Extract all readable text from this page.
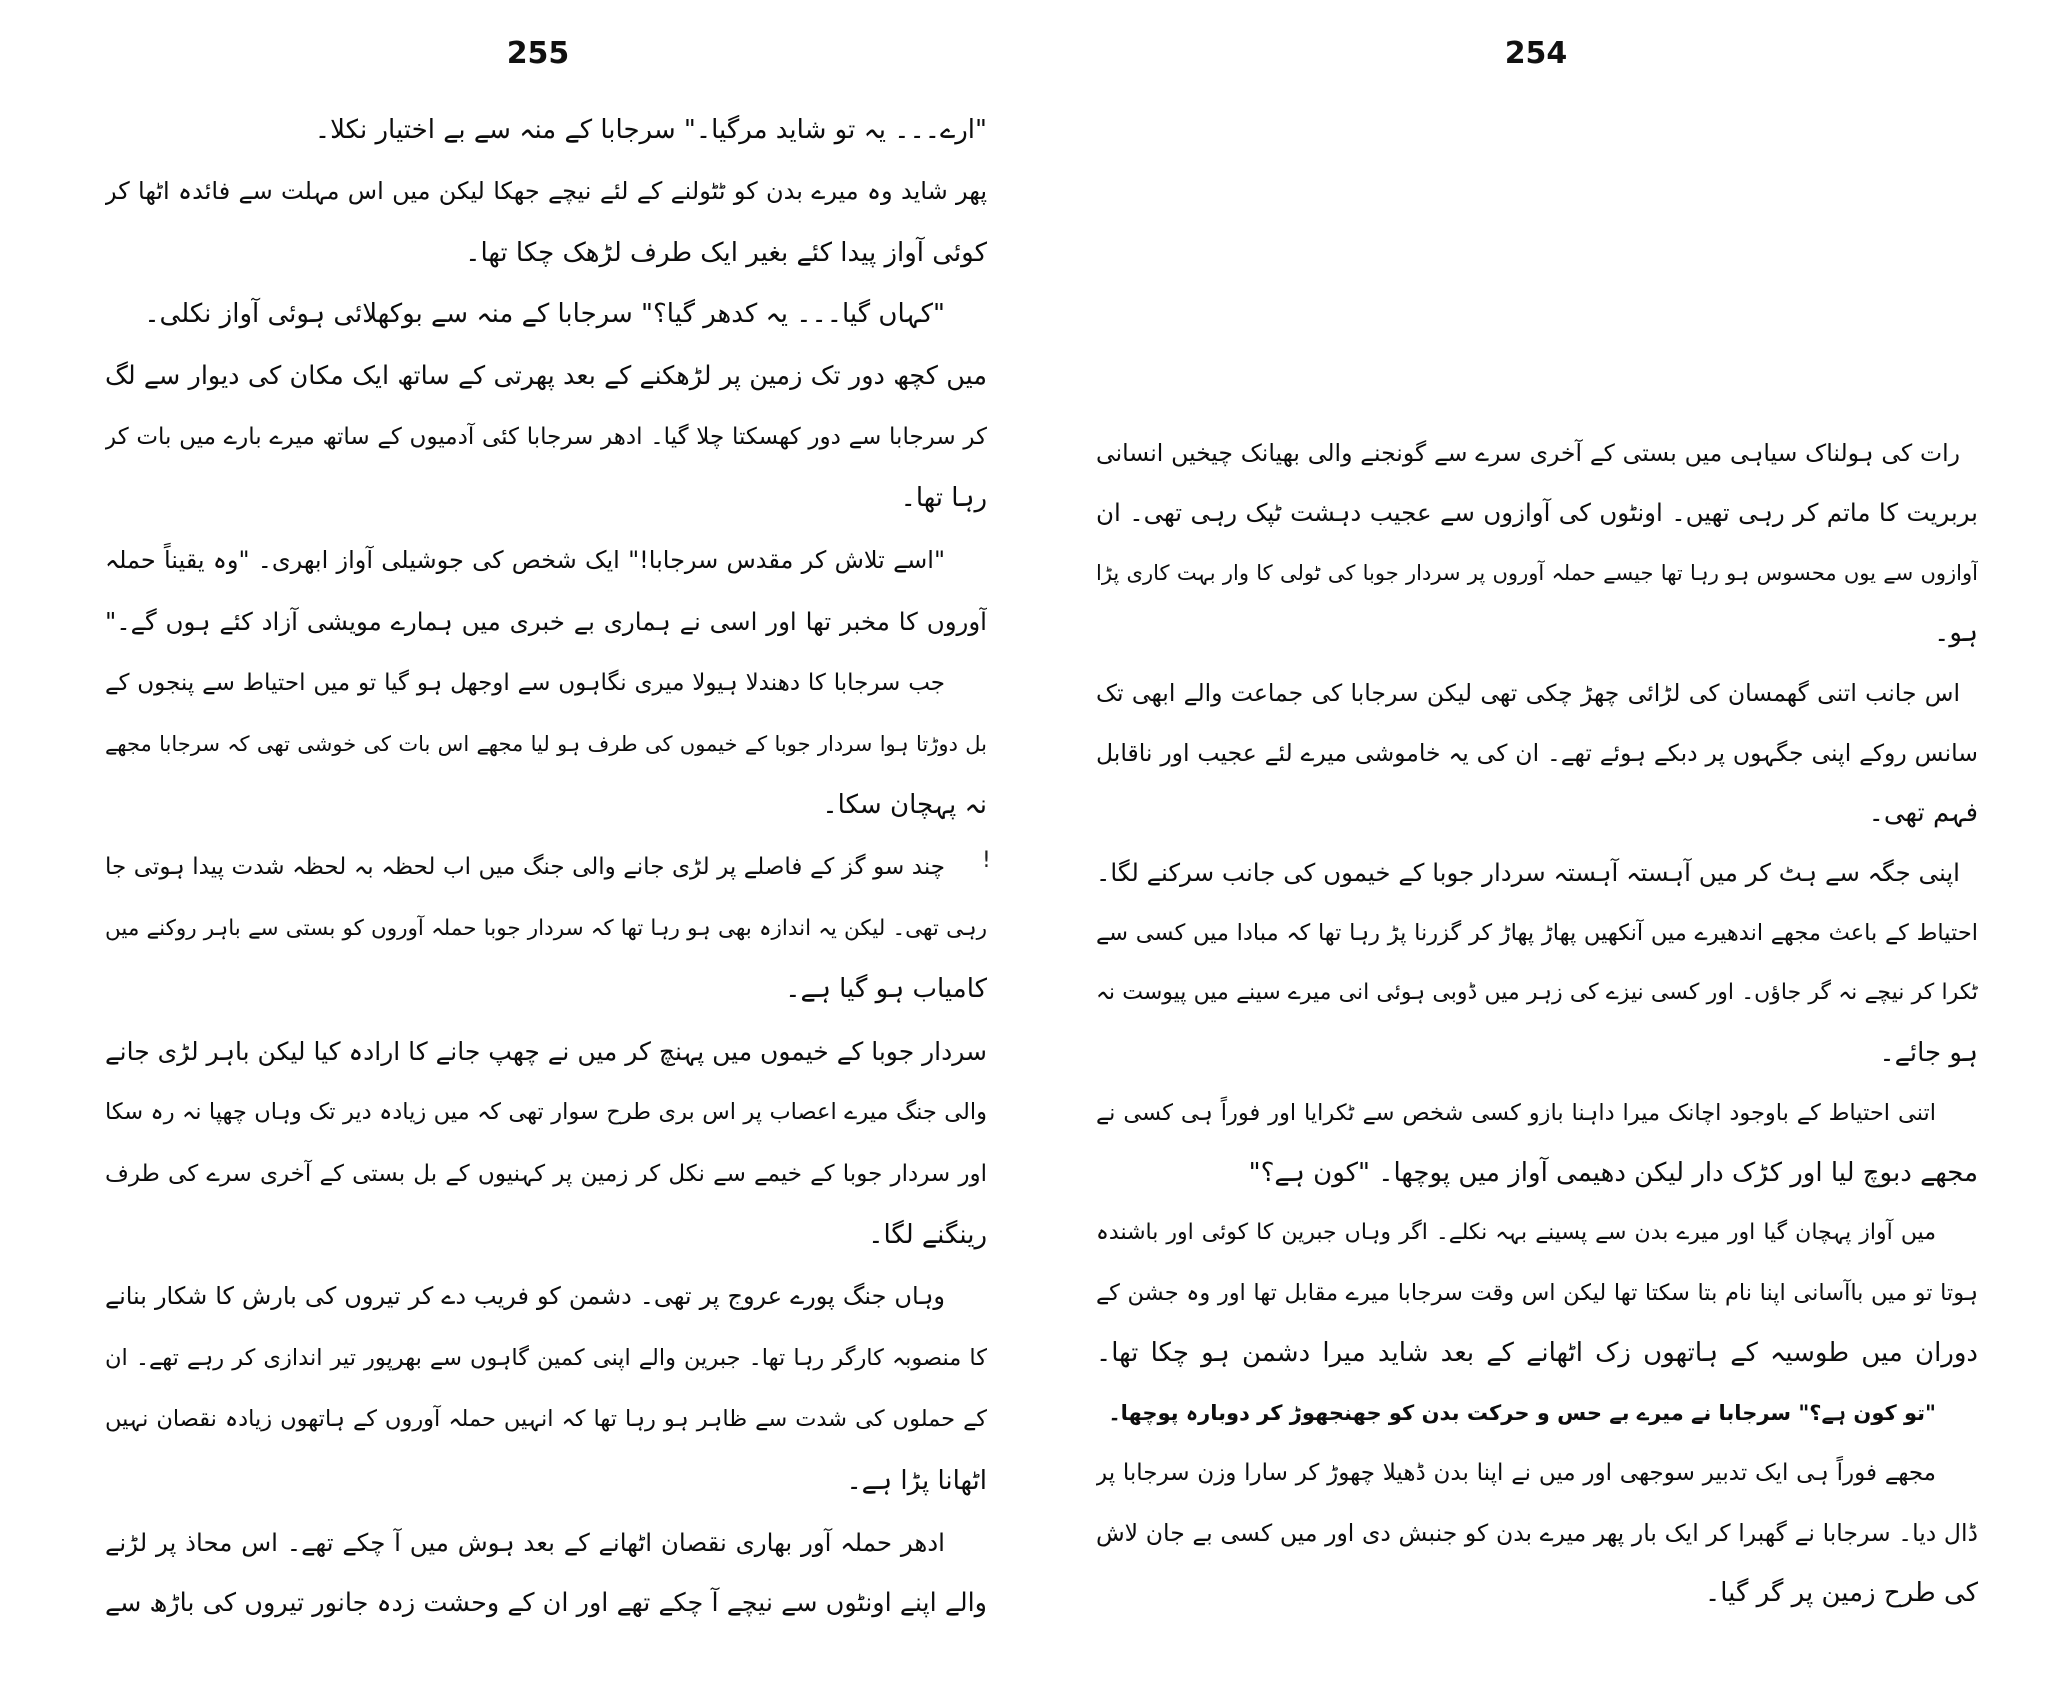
255	254
!
"ارے۔۔۔ یہ تو شاید مرگیا۔" سرجابا کے منہ سے بے اختیار نکلا۔
پھر شاید وہ میرے بدن کو ٹٹولنے کے لئے نیچے جھکا لیکن میں اس مہلت سے فائدہ اٹھا کر
کوئی آواز پیدا کئے بغیر ایک طرف لڑھک چکا تھا۔
"کہاں گیا۔۔۔ یہ کدھر گیا؟" سرجابا کے منہ سے بوکھلائی ہوئی آواز نکلی۔
میں کچھ دور تک زمین پر لڑھکنے کے بعد پھرتی کے ساتھ ایک مکان کی دیوار سے لگ
کر سرجابا سے دور کھسکتا چلا گیا۔ ادھر سرجابا کئی آدمیوں کے ساتھ میرے بارے میں بات کر
رہا تھا۔
"اسے تلاش کر مقدس سرجابا!" ایک شخص کی جوشیلی آواز ابھری۔ "وہ یقیناً حملہ
آوروں کا مخبر تھا اور اسی نے ہماری بے خبری میں ہمارے مویشی آزاد کئے ہوں گے۔"
جب سرجابا کا دھندلا ہیولا میری نگاہوں سے اوجھل ہو گیا تو میں احتیاط سے پنجوں کے
بل دوڑتا ہوا سردار جوبا کے خیموں کی طرف ہو لیا مجھے اس بات کی خوشی تھی کہ سرجابا مجھے
نہ پہچان سکا۔
چند سو گز کے فاصلے پر لڑی جانے والی جنگ میں اب لحظہ بہ لحظہ شدت پیدا ہوتی جا
رہی تھی۔ لیکن یہ اندازہ بھی ہو رہا تھا کہ سردار جوبا حملہ آوروں کو بستی سے باہر روکنے میں
کامیاب ہو گیا ہے۔
سردار جوبا کے خیموں میں پہنچ کر میں نے چھپ جانے کا ارادہ کیا لیکن باہر لڑی جانے
والی جنگ میرے اعصاب پر اس بری طرح سوار تھی کہ میں زیادہ دیر تک وہاں چھپا نہ رہ سکا
اور سردار جوبا کے خیمے سے نکل کر زمین پر کہنیوں کے بل بستی کے آخری سرے کی طرف
رینگنے لگا۔
وہاں جنگ پورے عروج پر تھی۔ دشمن کو فریب دے کر تیروں کی بارش کا شکار بنانے
کا منصوبہ کارگر رہا تھا۔ جبرین والے اپنی کمین گاہوں سے بھرپور تیر اندازی کر رہے تھے۔ ان
کے حملوں کی شدت سے ظاہر ہو رہا تھا کہ انہیں حملہ آوروں کے ہاتھوں زیادہ نقصان نہیں
اٹھانا پڑا ہے۔
ادھر حملہ آور بھاری نقصان اٹھانے کے بعد ہوش میں آ چکے تھے۔ اس محاذ پر لڑنے
والے اپنے اونٹوں سے نیچے آ چکے تھے اور ان کے وحشت زدہ جانور تیروں کی باڑھ سے
رات کی ہولناک سیاہی میں بستی کے آخری سرے سے گونجنے والی بھیانک چیخیں انسانی
بربریت کا ماتم کر رہی تھیں۔ اونٹوں کی آوازوں سے عجیب دہشت ٹپک رہی تھی۔ ان
آوازوں سے یوں محسوس ہو رہا تھا جیسے حملہ آوروں پر سردار جوبا کی ٹولی کا وار بہت کاری پڑا
ہو۔
اس جانب اتنی گھمسان کی لڑائی چھڑ چکی تھی لیکن سرجابا کی جماعت والے ابھی تک
سانس روکے اپنی جگہوں پر دبکے ہوئے تھے۔ ان کی یہ خاموشی میرے لئے عجیب اور ناقابل
فہم تھی۔
اپنی جگہ سے ہٹ کر میں آہستہ آہستہ سردار جوبا کے خیموں کی جانب سرکنے لگا۔
احتیاط کے باعث مجھے اندھیرے میں آنکھیں پھاڑ پھاڑ کر گزرنا پڑ رہا تھا کہ مبادا میں کسی سے
ٹکرا کر نیچے نہ گر جاؤں۔ اور کسی نیزے کی زہر میں ڈوبی ہوئی انی میرے سینے میں پیوست نہ
ہو جائے۔
اتنی احتیاط کے باوجود اچانک میرا داہنا بازو کسی شخص سے ٹکرایا اور فوراً ہی کسی نے
مجھے دبوچ لیا اور کڑک دار لیکن دھیمی آواز میں پوچھا۔ "کون ہے؟"
میں آواز پہچان گیا اور میرے بدن سے پسینے بہہ نکلے۔ اگر وہاں جبرین کا کوئی اور باشندہ
ہوتا تو میں باآسانی اپنا نام بتا سکتا تھا لیکن اس وقت سرجابا میرے مقابل تھا اور وہ جشن کے
دوران میں طوسیہ کے ہاتھوں زک اٹھانے کے بعد شاید میرا دشمن ہو چکا تھا۔
"تو کون ہے؟" سرجابا نے میرے بے حس و حرکت بدن کو جھنجھوڑ کر دوبارہ پوچھا۔
مجھے فوراً ہی ایک تدبیر سوجھی اور میں نے اپنا بدن ڈھیلا چھوڑ کر سارا وزن سرجابا پر
ڈال دیا۔ سرجابا نے گھبرا کر ایک بار پھر میرے بدن کو جنبش دی اور میں کسی بے جان لاش
کی طرح زمین پر گر گیا۔
